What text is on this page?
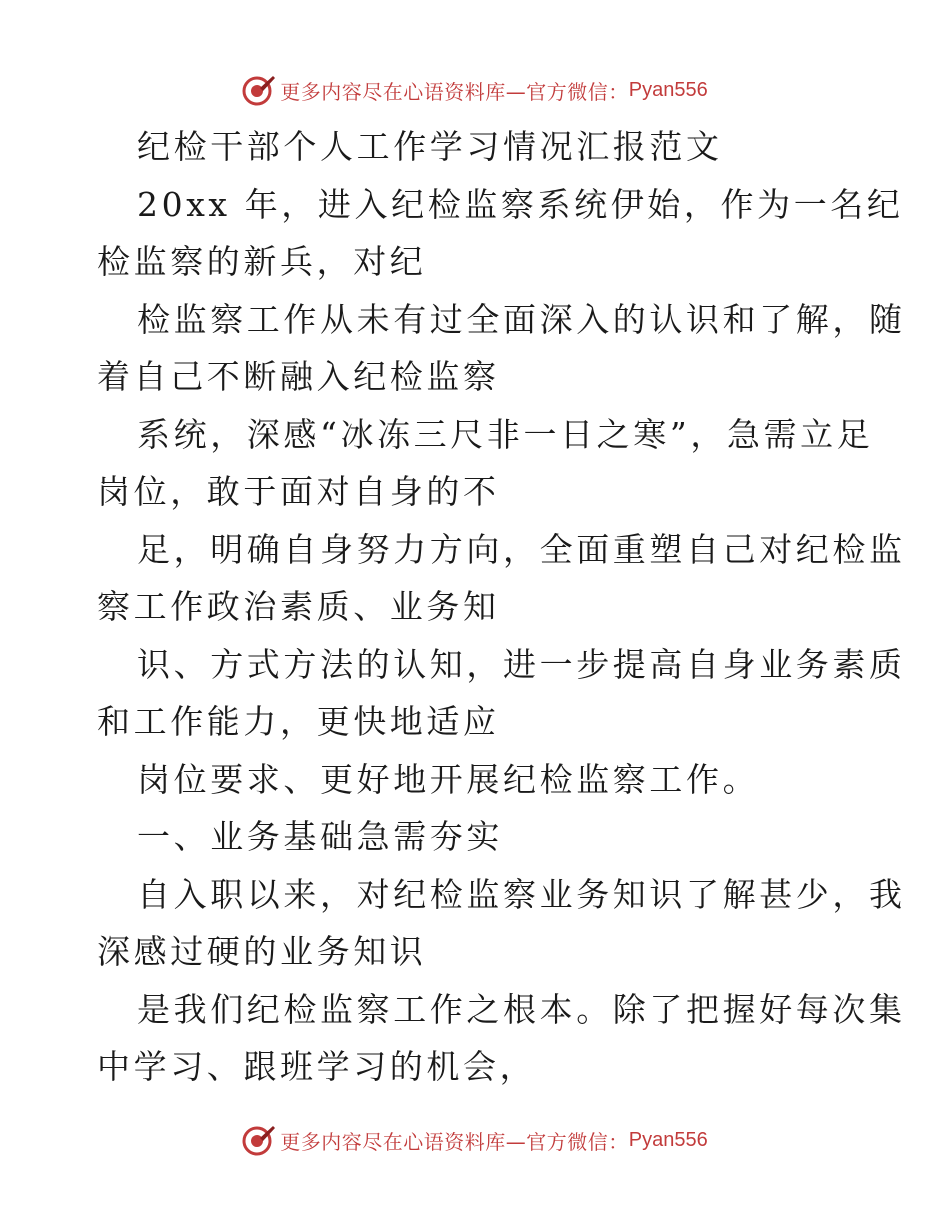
更多内容尽在心语资料库—官方微信： Pyan556
纪检干部个人工作学习情况汇报范文
20xx 年，进入纪检监察系统伊始，作为一名纪
检监察的新兵，对纪
检监察工作从未有过全面深入的认识和了解，随
着自己不断融入纪检监察
系统，深感“冰冻三尺非一日之寒”，急需立足
岗位，敢于面对自身的不
足，明确自身努力方向，全面重塑自己对纪检监
察工作政治素质、业务知
识、方式方法的认知，进一步提高自身业务素质
和工作能力，更快地适应
岗位要求、更好地开展纪检监察工作。
一、业务基础急需夯实
自入职以来，对纪检监察业务知识了解甚少，我
深感过硬的业务知识
是我们纪检监察工作之根本。除了把握好每次集
中学习、跟班学习的机会，
更多内容尽在心语资料库—官方微信： Pyan556
